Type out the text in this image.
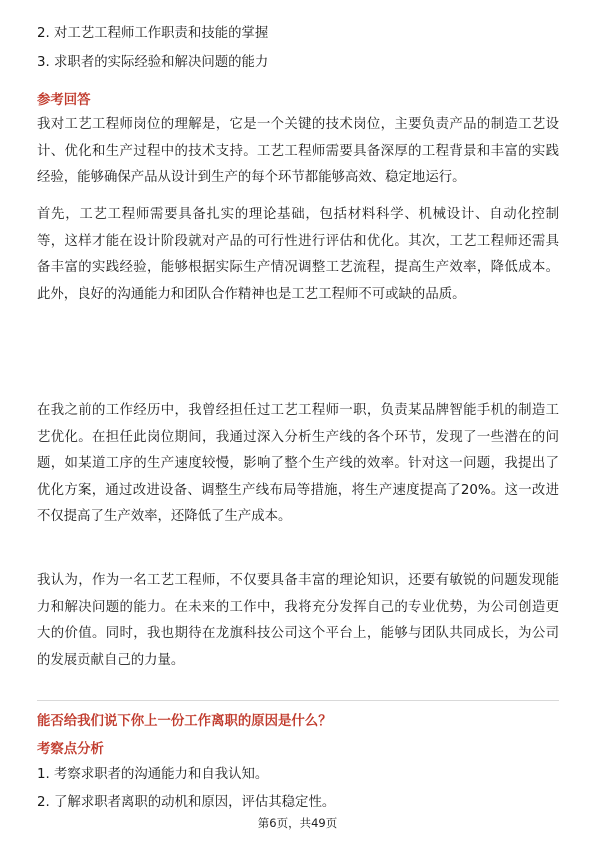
2. 对工艺工程师工作职责和技能的掌握
3. 求职者的实际经验和解决问题的能力
参考回答
我对工艺工程师岗位的理解是，它是一个关键的技术岗位，主要负责产品的制造工艺设计、优化和生产过程中的技术支持。工艺工程师需要具备深厚的工程背景和丰富的实践经验，能够确保产品从设计到生产的每个环节都能够高效、稳定地运行。
首先，工艺工程师需要具备扎实的理论基础，包括材料科学、机械设计、自动化控制等，这样才能在设计阶段就对产品的可行性进行评估和优化。其次，工艺工程师还需具备丰富的实践经验，能够根据实际生产情况调整工艺流程，提高生产效率，降低成本。此外，良好的沟通能力和团队合作精神也是工艺工程师不可或缺的品质。
在我之前的工作经历中，我曾经担任过工艺工程师一职，负责某品牌智能手机的制造工艺优化。在担任此岗位期间，我通过深入分析生产线的各个环节，发现了一些潜在的问题，如某道工序的生产速度较慢，影响了整个生产线的效率。针对这一问题，我提出了优化方案，通过改进设备、调整生产线布局等措施，将生产速度提高了20%。这一改进不仅提高了生产效率，还降低了生产成本。
我认为，作为一名工艺工程师，不仅要具备丰富的理论知识，还要有敏锐的问题发现能力和解决问题的能力。在未来的工作中，我将充分发挥自己的专业优势，为公司创造更大的价值。同时，我也期待在龙旗科技公司这个平台上，能够与团队共同成长，为公司的发展贡献自己的力量。
能否给我们说下你上一份工作离职的原因是什么？
考察点分析
1. 考察求职者的沟通能力和自我认知。
2. 了解求职者离职的动机和原因，评估其稳定性。
第6页，共49页
